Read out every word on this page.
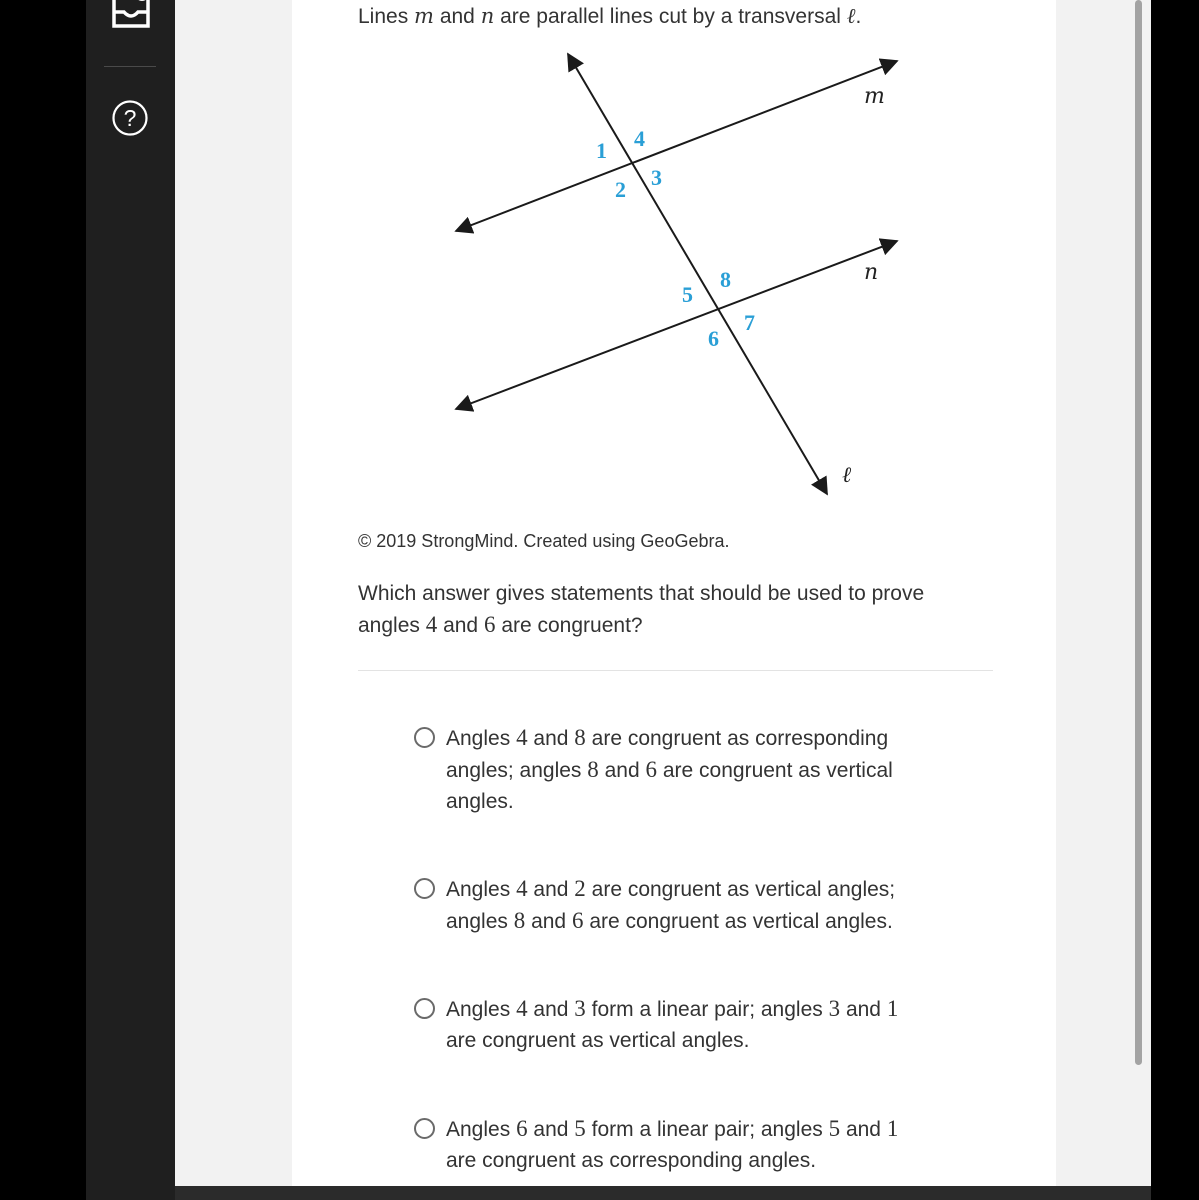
?
Lines m and n are parallel lines cut by a transversal ℓ.
m
n
ℓ
1 4
2 3
5
8
6
7
© 2019 StrongMind. Created using GeoGebra.
Which answer gives statements that should be used to prove angles 4 and 6 are congruent?
Angles 4 and 8 are congruent as corresponding angles; angles 8 and 6 are congruent as vertical angles.
Angles 4 and 2 are congruent as vertical angles; angles 8 and 6 are congruent as vertical angles.
Angles 4 and 3 form a linear pair; angles 3 and 1 are congruent as vertical angles.
Angles 6 and 5 form a linear pair; angles 5 and 1 are congruent as corresponding angles.
